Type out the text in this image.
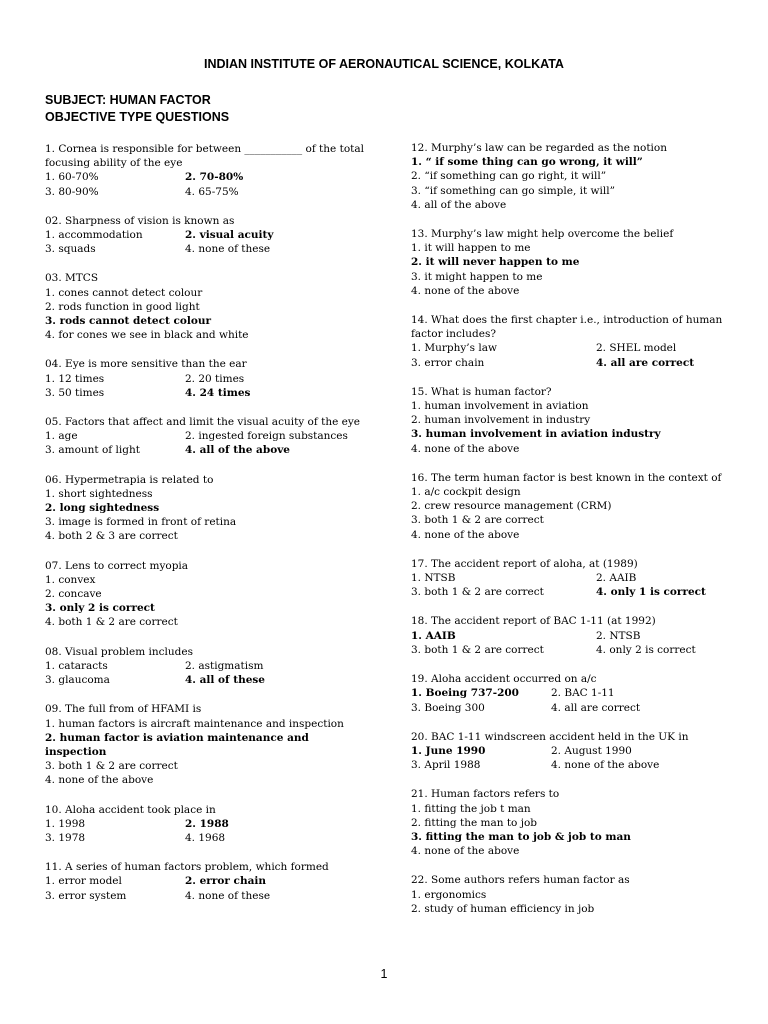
INDIAN INSTITUTE OF AERONAUTICAL SCIENCE, KOLKATA
SUBJECT: HUMAN FACTOR
OBJECTIVE TYPE QUESTIONS
1. Cornea is responsible for between ___________ of the total focusing ability of the eye
1. 60-70%	2. 70-80%
3. 80-90%	4. 65-75%
02. Sharpness of vision is known as
1. accommodation	2. visual acuity
3. squads	4. none of these
03. MTCS
1. cones cannot detect colour
2. rods function in good light
3. rods cannot detect colour
4. for cones we see in black and white
04. Eye is more sensitive than the ear
1. 12 times	2. 20 times
3. 50 times	4. 24 times
05. Factors that affect and limit the visual acuity of the eye
1. age	2. ingested foreign substances
3. amount of light	4. all of the above
06. Hypermetrapia is related to
1. short sightedness
2. long sightedness
3. image is formed in front of retina
4. both 2 & 3 are correct
07. Lens to correct myopia
1. convex
2. concave
3. only 2 is correct
4. both 1 & 2 are correct
08. Visual problem includes
1. cataracts	2. astigmatism
3. glaucoma	4. all of these
09. The full from of HFAMI is
1. human factors is aircraft maintenance and inspection
2. human factor is aviation maintenance and inspection
3. both 1 & 2 are correct
4. none of the above
10. Aloha accident took place in
1. 1998	2. 1988
3. 1978	4. 1968
11. A series of human factors problem, which formed
1. error model	2. error chain
3. error system	4. none of these
12. Murphy’s law can be regarded as the notion
1. “ if some thing can go wrong, it will”
2. “if something can go right, it will”
3. “if something can go simple, it will”
4. all of the above
13. Murphy’s law might help overcome the belief
1. it will happen to me
2. it will never happen to me
3. it might happen to me
4. none of the above
14. What does the first chapter i.e., introduction of human factor includes?
1. Murphy’s law	2. SHEL model
3. error chain	4. all are correct
15. What is human factor?
1. human involvement in aviation
2. human involvement in industry
3. human involvement in aviation industry
4. none of the above
16. The term human factor is best known in the context of
1. a/c cockpit design
2. crew resource management (CRM)
3. both 1 & 2 are correct
4. none of the above
17. The accident report of aloha, at (1989)
1. NTSB	2. AAIB
3. both 1 & 2 are correct	4. only 1 is correct
18. The accident report of BAC 1-11 (at 1992)
1. AAIB	2. NTSB
3. both 1 & 2 are correct	4. only 2 is correct
19. Aloha accident occurred on a/c
1. Boeing 737-200	2. BAC 1-11
3. Boeing 300	4. all are correct
20. BAC 1-11 windscreen accident held in the UK in
1. June 1990	2. August 1990
3. April 1988	4. none of the above
21. Human factors refers to
1. fitting the job t man
2. fitting the man to job
3. fitting the man to job & job to man
4. none of the above
22. Some authors refers human factor as
1. ergonomics
2. study of human efficiency in job
1
